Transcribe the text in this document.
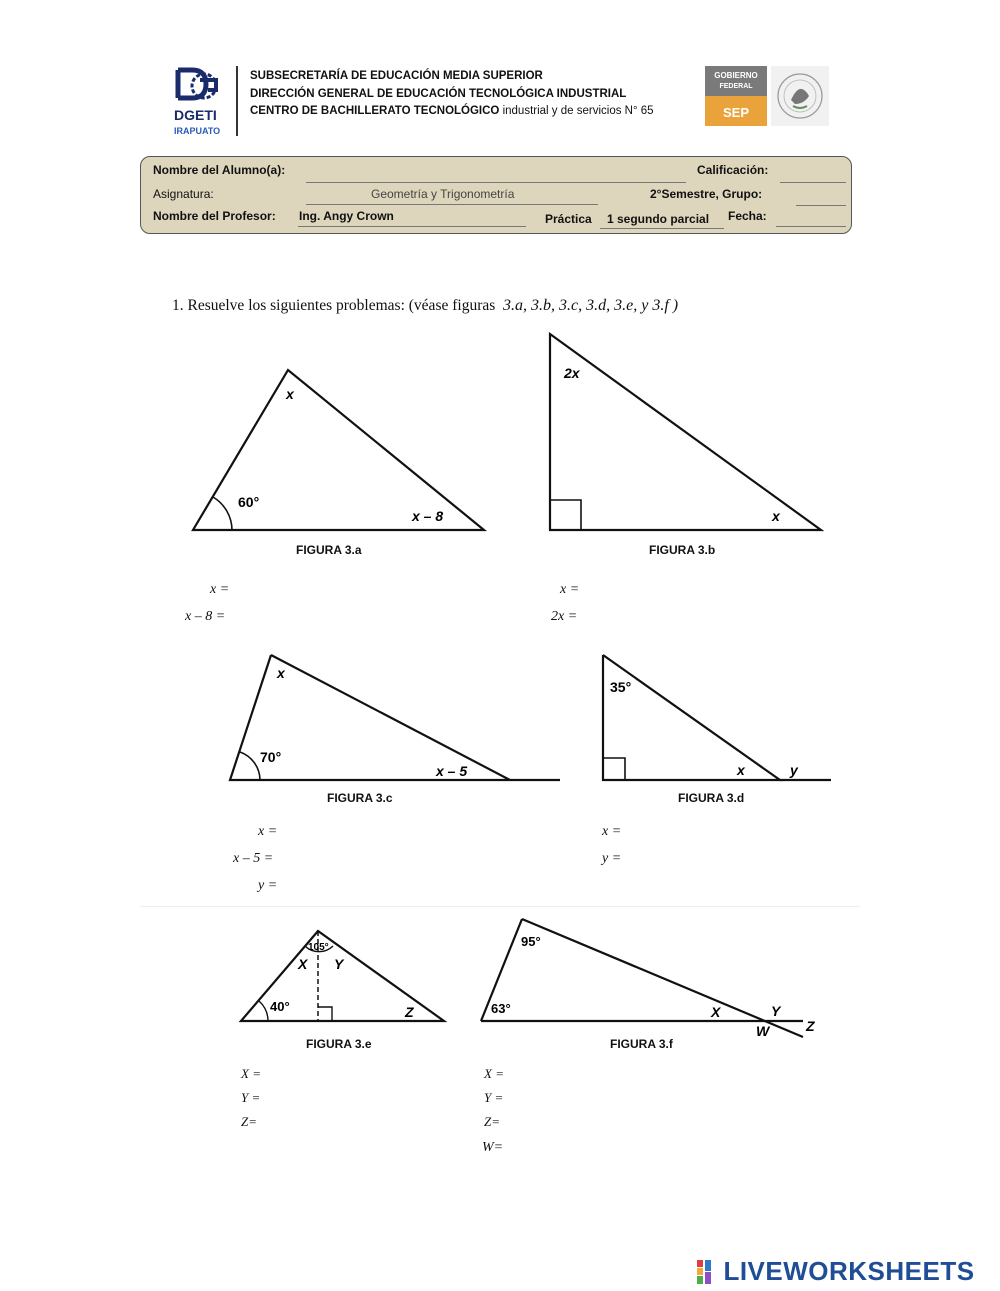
DGETI
IRAPUATO
SUBSECRETARÍA DE EDUCACIÓN MEDIA SUPERIOR
DIRECCIÓN GENERAL DE EDUCACIÓN TECNOLÓGICA INDUSTRIAL
CENTRO DE BACHILLERATO TECNOLÓGICO industrial y de servicios N° 65
GOBIERNO
FEDERAL
SEP
Nombre del Alumno(a):	Calificación:
Asignatura:	Geometría y Trigonometría	2°Semestre, Grupo:
Nombre del Profesor: Ing. Angy Crown	Práctica 1 segundo parcial Fecha:
1. Resuelve los siguientes problemas: (véase figuras 3.a, 3.b, 3.c, 3.d, 3.e, y 3.f )
x
60°
x – 8
2x
x
x
70°
x – 5
35°
x	y
105°
X Y
40°	Z
95°
63°	X	Y
W	Z
FIGURA 3.a	FIGURA 3.b
FIGURA 3.c	FIGURA 3.d
FIGURA 3.e	FIGURA 3.f
x =
x – 8 =
x =
2x =
x =
x – 5 =
y =
x =
y =
X =
Y =
Z=
X =
Y =
Z=
W=
LIVEWORKSHEETS
